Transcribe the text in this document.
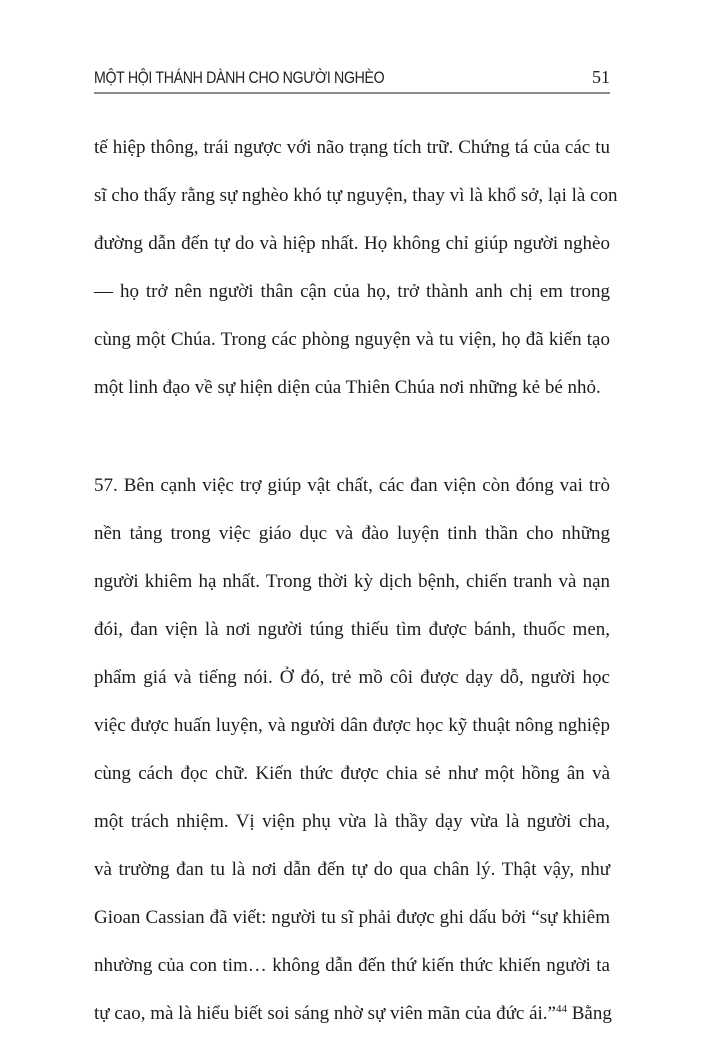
MỘT HỘI THÁNH DÀNH CHO NGƯỜI NGHÈO	51

tế hiệp thông, trái ngược với não trạng tích trữ. Chứng tá của các tu
sĩ cho thấy rằng sự nghèo khó tự nguyện, thay vì là khổ sở, lại là con
đường dẫn đến tự do và hiệp nhất. Họ không chỉ giúp người nghèo
— họ trở nên người thân cận của họ, trở thành anh chị em trong
cùng một Chúa. Trong các phòng nguyện và tu viện, họ đã kiến tạo
một linh đạo về sự hiện diện của Thiên Chúa nơi những kẻ bé nhỏ.

57. Bên cạnh việc trợ giúp vật chất, các đan viện còn đóng vai trò
nền tảng trong việc giáo dục và đào luyện tinh thần cho những
người khiêm hạ nhất. Trong thời kỳ dịch bệnh, chiến tranh và nạn
đói, đan viện là nơi người túng thiếu tìm được bánh, thuốc men,
phẩm giá và tiếng nói. Ở đó, trẻ mồ côi được dạy dỗ, người học
việc được huấn luyện, và người dân được học kỹ thuật nông nghiệp
cùng cách đọc chữ. Kiến thức được chia sẻ như một hồng ân và
một trách nhiệm. Vị viện phụ vừa là thầy dạy vừa là người cha,
và trường đan tu là nơi dẫn đến tự do qua chân lý. Thật vậy, như
Gioan Cassian đã viết: người tu sĩ phải được ghi dấu bởi “sự khiêm
nhường của con tim… không dẫn đến thứ kiến thức khiến người ta
tự cao, mà là hiểu biết soi sáng nhờ sự viên mãn của đức ái.”$^{44}$ Bằng
